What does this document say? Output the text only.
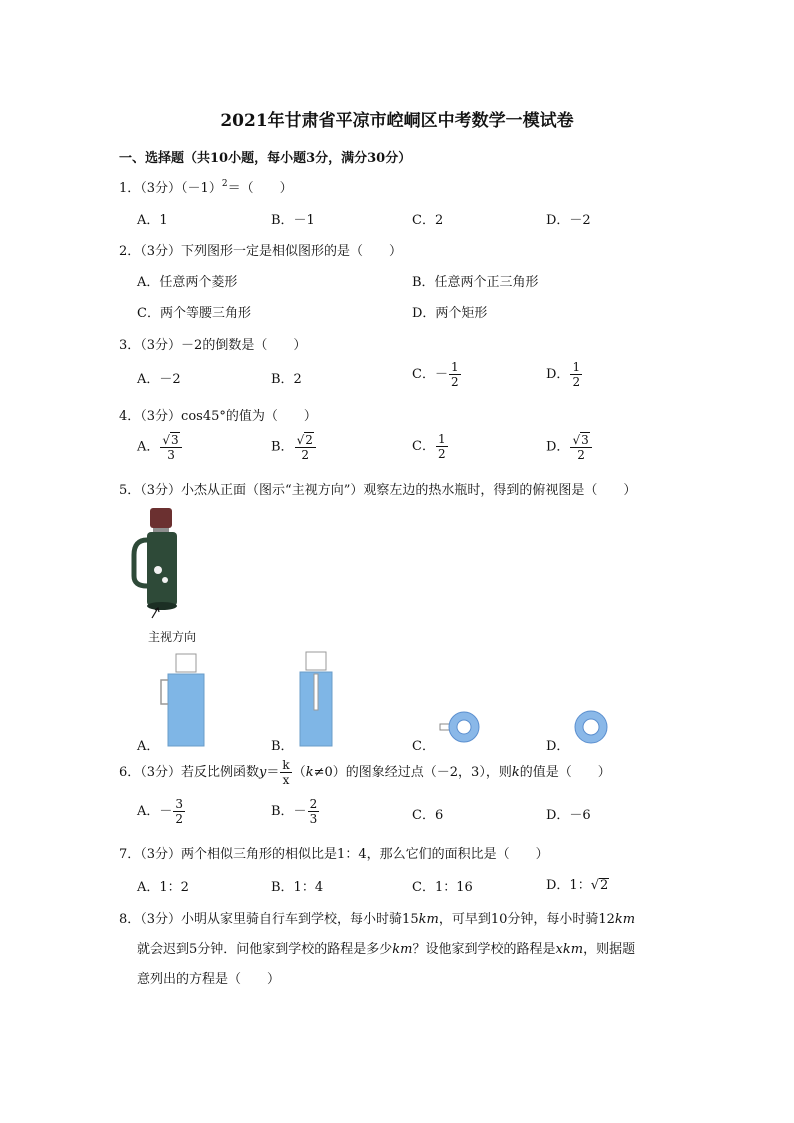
2021年甘肃省平凉市崆峒区中考数学一模试卷
一、选择题（共10小题，每小题3分，满分30分）
1．（3分）$(-1)^2=$（　　）
A．1	B．－1	C．2	D．－2
2．（3分）下列图形一定是相似图形的是（　　）
A．任意两个菱形	B．任意两个正三角形
C．两个等腰三角形	D．两个矩形
3．（3分）－2的倒数是（　　）
A．－2	B．2	C．－ $\frac{1}{2}$	D． $\frac{1}{2}$
4．（3分）cos45°的值为（　　）
A． $\frac{√3}{3}$	B． $\frac{√2}{2}$	C． $\frac{1}{2}$	D． $\frac{√3}{2}$
5．（3分）小杰从正面（图示“主视方向”）观察左边的热水瓶时，得到的俯视图是（　　）
主视方向
A．	B．	C．	D．
6．（3分）若反比例函数$y= \frac{k}{x} (k\ne 0)$的图象经过点（－2，3），则k的值是（　　）
A．－ $\frac{3}{2}$	B．－ $\frac{2}{3}$	C．6	D．－6
7．（3分）两个相似三角形的相似比是1：4，那么它们的面积比是（　　）
A．1：2	B．1：4	C．1：16	D．1：√2
8．（3分）小明从家里骑自行车到学校，每小时骑15km，可早到10分钟，每小时骑12km
就会迟到5分钟．问他家到学校的路程是多少km？设他家到学校的路程是xkm，则据题
意列出的方程是（　　）
